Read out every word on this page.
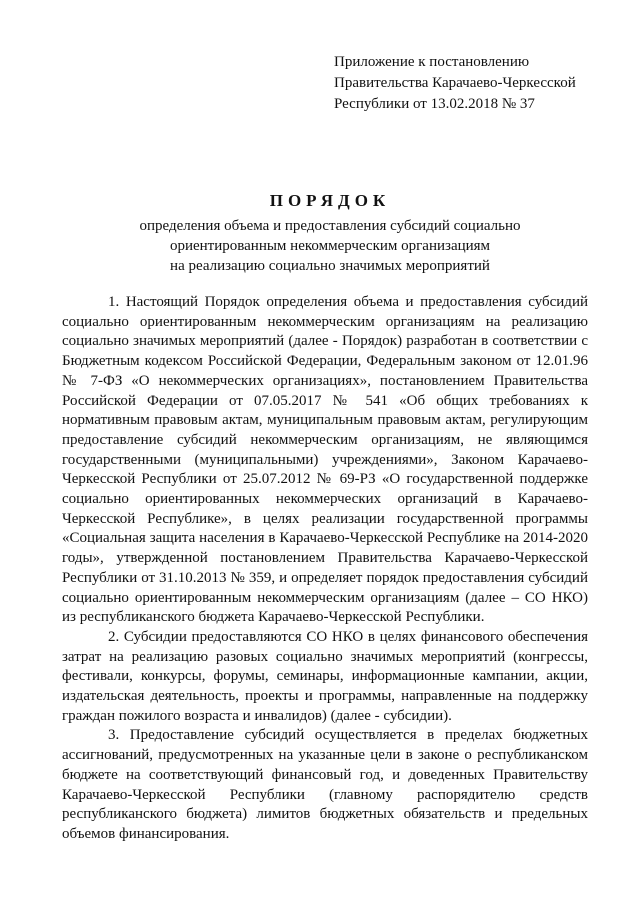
Приложение к постановлению
Правительства Карачаево-Черкесской
Республики от 13.02.2018 № 37
ПОРЯДОК
определения объема и предоставления субсидий социально
ориентированным некоммерческим организациям
на реализацию социально значимых мероприятий

1. Настоящий Порядок определения объема и предоставления субсидий социально ориентированным некоммерческим организациям на реализацию социально значимых мероприятий (далее - Порядок) разработан в соответствии с Бюджетным кодексом Российской Федерации, Федеральным законом от 12.01.96 № 7-ФЗ «О некоммерческих организациях», постановлением Правительства Российской Федерации от 07.05.2017 № 541 «Об общих требованиях к нормативным правовым актам, муниципальным правовым актам, регулирующим предоставление субсидий некоммерческим организациям, не являющимся государственными (муниципальными) учреждениями», Законом Карачаево-Черкесской Республики от 25.07.2012 № 69-РЗ «О государственной поддержке социально ориентированных некоммерческих организаций в Карачаево-Черкесской Республике», в целях реализации государственной программы «Социальная защита населения в Карачаево-Черкесской Республике на 2014-2020 годы», утвержденной постановлением Правительства Карачаево-Черкесской Республики от 31.10.2013 № 359, и определяет порядок предоставления субсидий социально ориентированным некоммерческим организациям (далее – СО НКО) из республиканского бюджета Карачаево-Черкесской Республики.

2. Субсидии предоставляются СО НКО в целях финансового обеспечения затрат на реализацию разовых социально значимых мероприятий (конгрессы, фестивали, конкурсы, форумы, семинары, информационные кампании, акции, издательская деятельность, проекты и программы, направленные на поддержку граждан пожилого возраста и инвалидов) (далее - субсидии).

3. Предоставление субсидий осуществляется в пределах бюджетных ассигнований, предусмотренных на указанные цели в законе о республиканском бюджете на соответствующий финансовый год, и доведенных Правительству Карачаево-Черкесской Республики (главному распорядителю средств республиканского бюджета) лимитов бюджетных обязательств и предельных объемов финансирования.
